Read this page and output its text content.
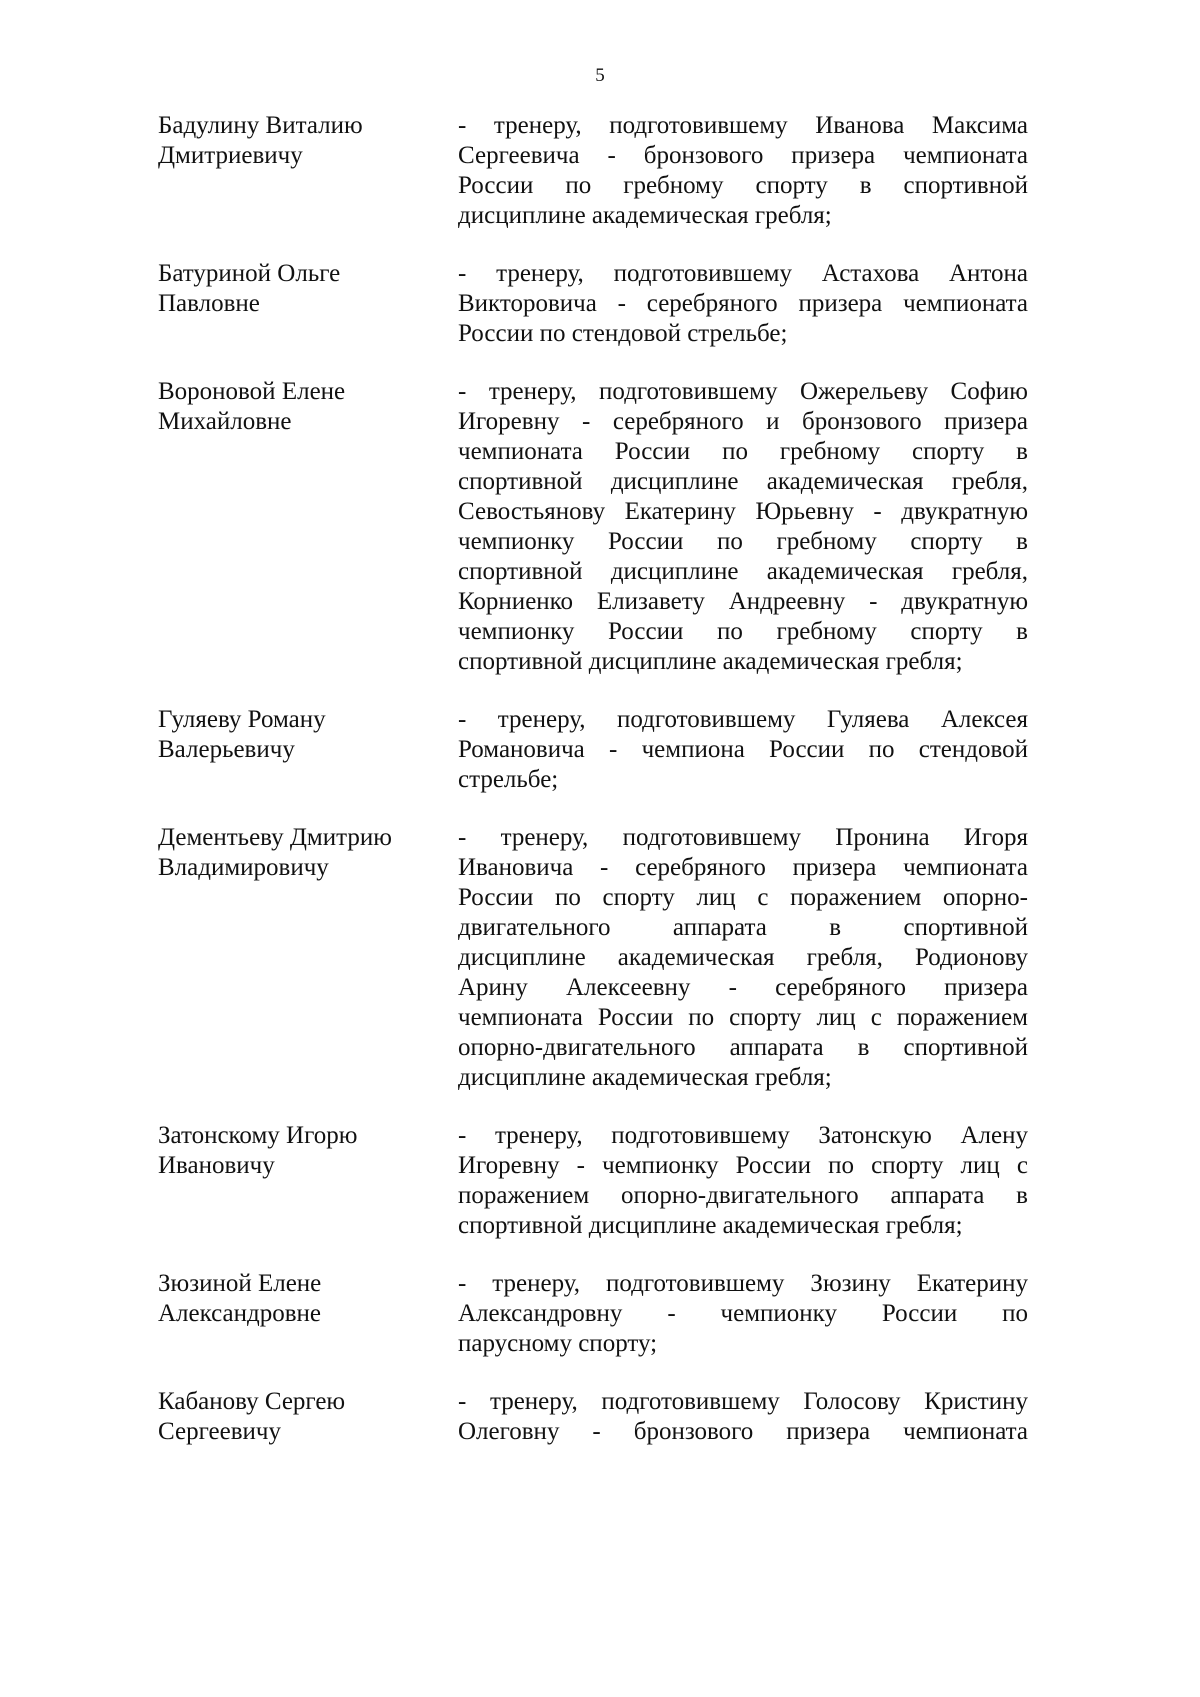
5
Бадулину Виталию
Дмитриевичу
- тренеру, подготовившему Иванова Максима
Сергеевича - бронзового призера чемпионата
России по гребному спорту в спортивной
дисциплине академическая гребля;
Батуриной Ольге
Павловне
- тренеру, подготовившему Астахова Антона
Викторовича - серебряного призера чемпионата
России по стендовой стрельбе;
Вороновой Елене
Михайловне
- тренеру, подготовившему Ожерельеву Софию
Игоревну - серебряного и бронзового призера
чемпионата России по гребному спорту в
спортивной дисциплине академическая гребля,
Севостьянову Екатерину Юрьевну - двукратную
чемпионку России по гребному спорту в
спортивной дисциплине академическая гребля,
Корниенко Елизавету Андреевну - двукратную
чемпионку России по гребному спорту в
спортивной дисциплине академическая гребля;
Гуляеву Роману
Валерьевичу
- тренеру, подготовившему Гуляева Алексея
Романовича - чемпиона России по стендовой
стрельбе;
Дементьеву Дмитрию
Владимировичу
- тренеру, подготовившему Пронина Игоря
Ивановича - серебряного призера чемпионата
России по спорту лиц с поражением опорно-
двигательного аппарата в спортивной
дисциплине академическая гребля, Родионову
Арину Алексеевну - серебряного призера
чемпионата России по спорту лиц с поражением
опорно-двигательного аппарата в спортивной
дисциплине академическая гребля;
Затонскому Игорю
Ивановичу
- тренеру, подготовившему Затонскую Алену
Игоревну - чемпионку России по спорту лиц с
поражением опорно-двигательного аппарата в
спортивной дисциплине академическая гребля;
Зюзиной Елене
Александровне
- тренеру, подготовившему Зюзину Екатерину
Александровну - чемпионку России по
парусному спорту;
Кабанову Сергею
Сергеевичу
- тренеру, подготовившему Голосову Кристину
Олеговну - бронзового призера чемпионата
